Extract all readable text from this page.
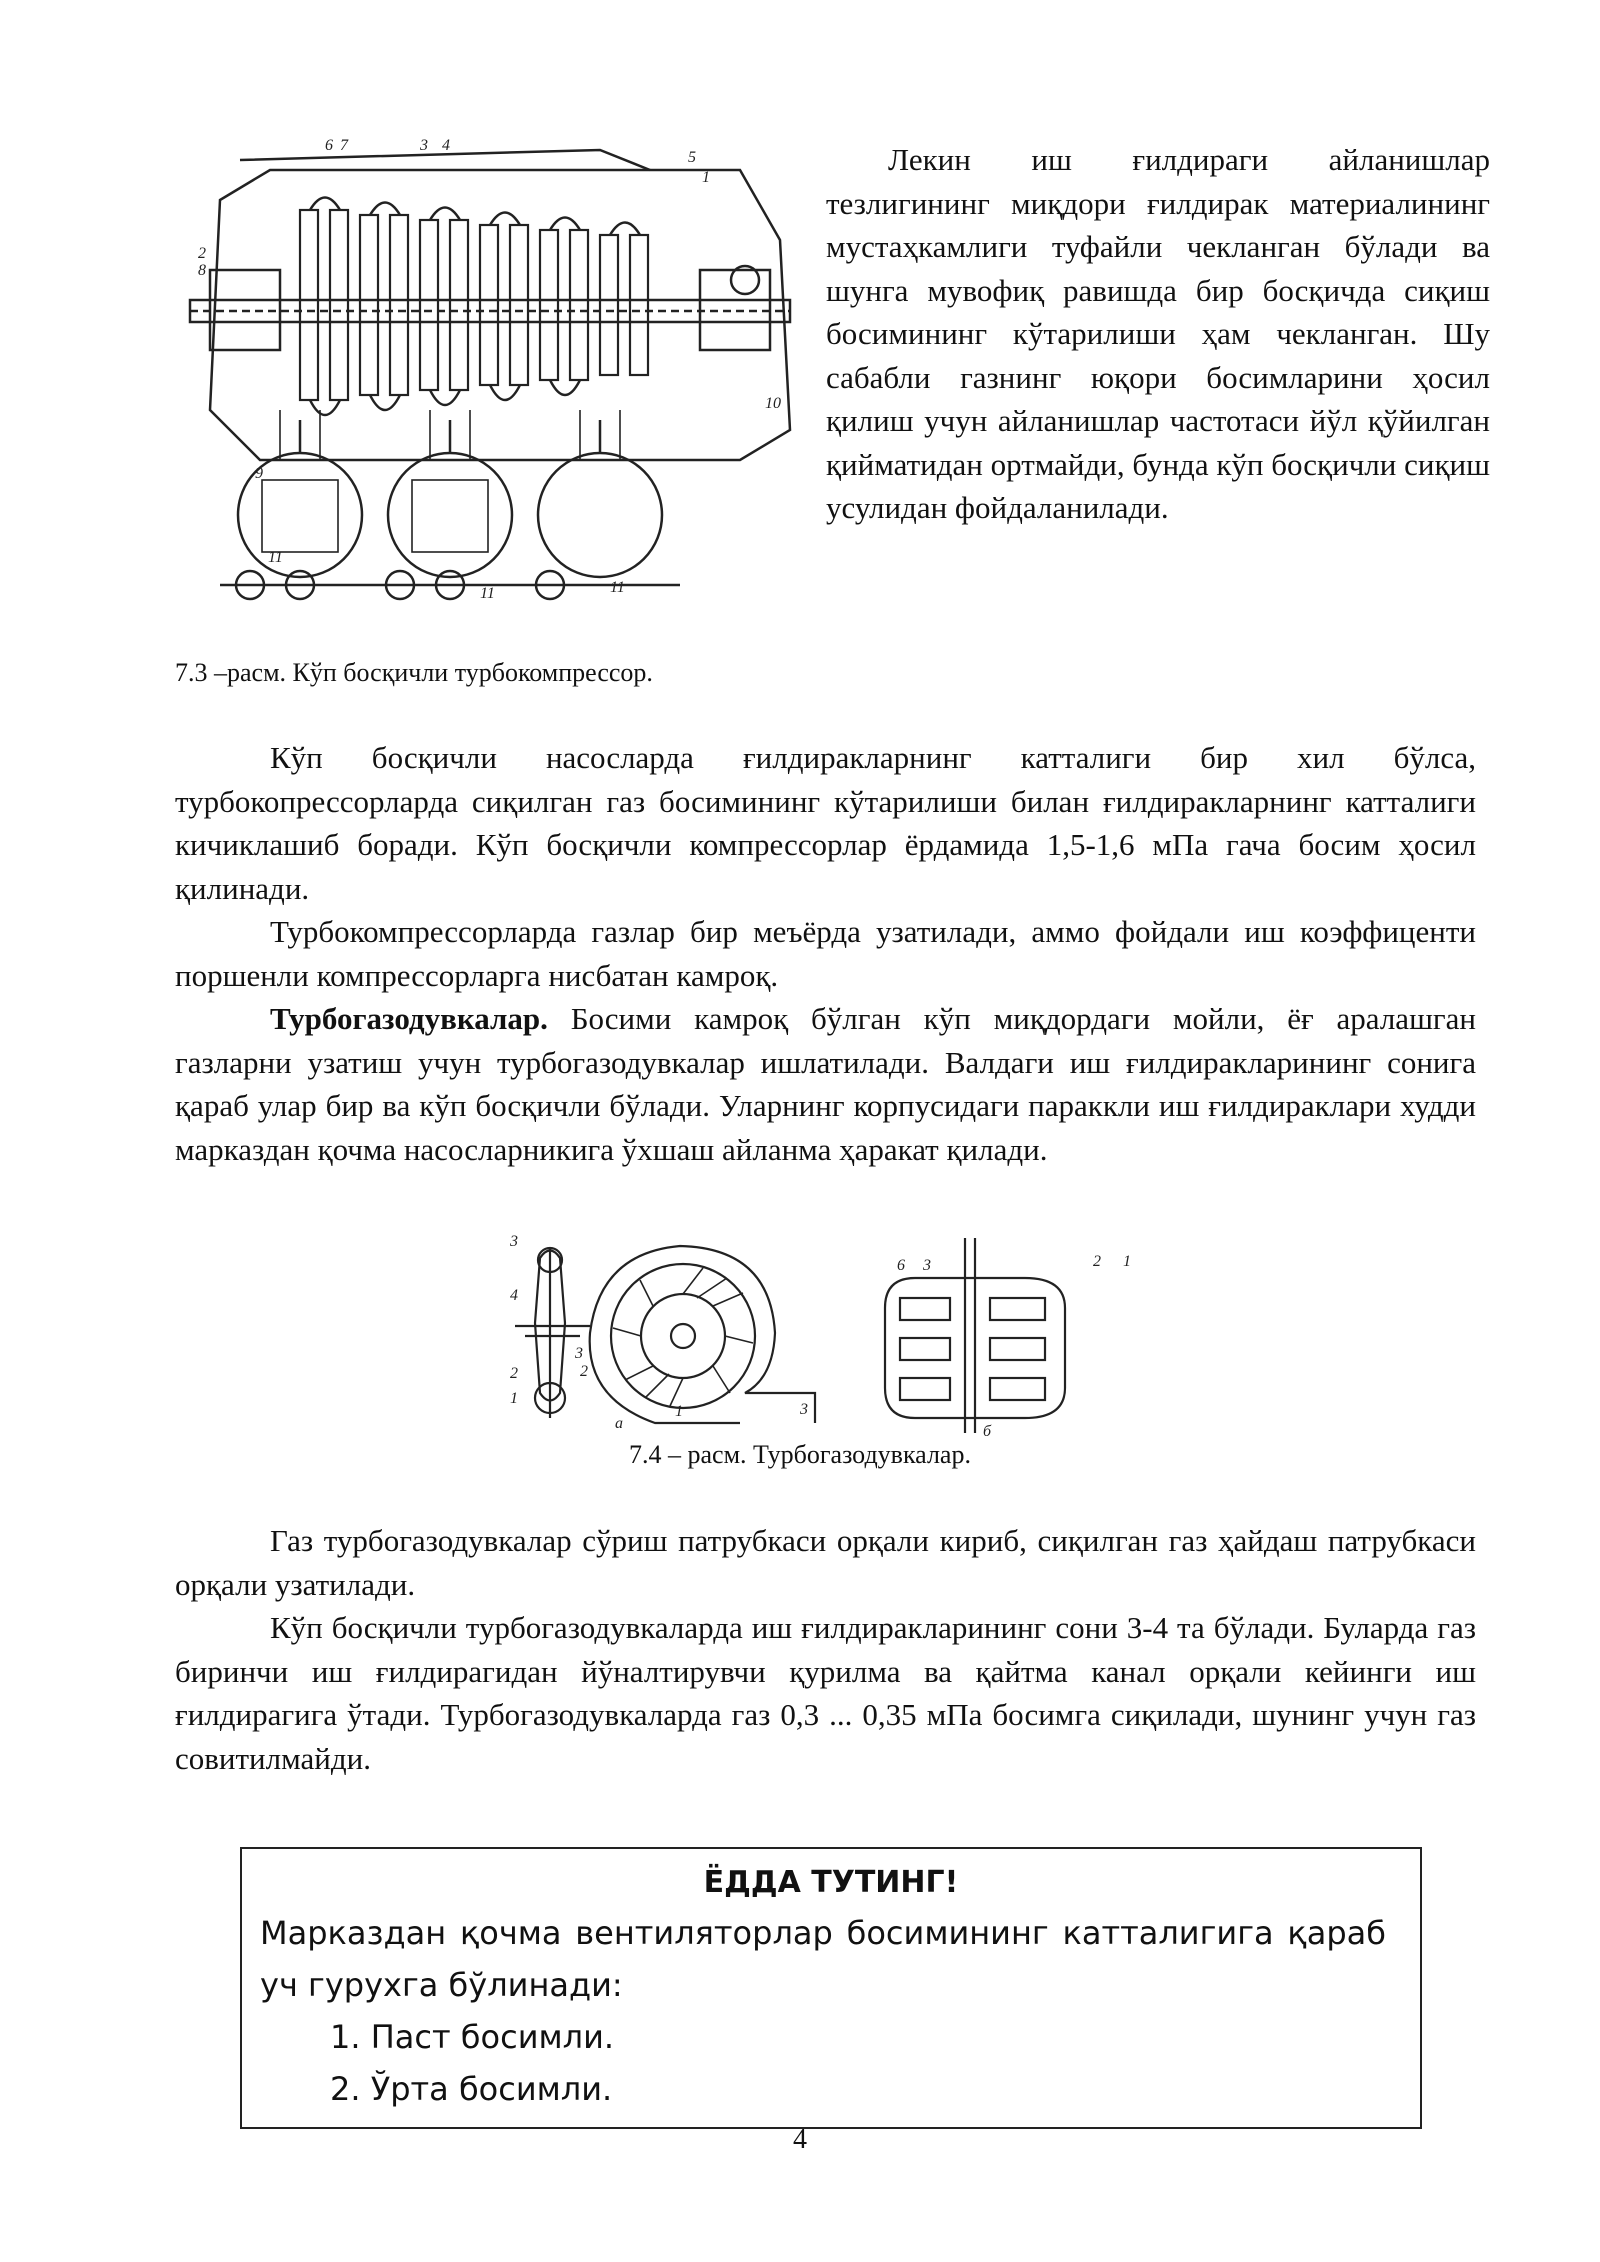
6 7	3 4
5
1
2
8
9
10
11
11	11
7.3 –расм. Кўп босқичли турбокомпрессор.
Лекин иш ғилдираги айланишлар тезлигининг миқдори ғилдирак материалининг мустаҳкамлиги туфайли чекланган бўлади ва шунга мувофиқ равишда бир босқичда сиқиш босимининг кўтарилиши ҳам чекланган. Шу сабабли газнинг юқори босимларини ҳосил қилиш учун айланишлар частотаси йўл қўйилган қийматидан ортмайди, бунда кўп босқичли сиқиш усулидан фойдаланилади.

Кўп босқичли насосларда ғилдиракларнинг катталиги бир хил бўлса, турбокопрессорларда сиқилган газ босимининг кўтарилиши билан ғилдиракларнинг катталиги кичиклашиб боради. Кўп босқичли компрессорлар ёрдамида 1,5-1,6 мПа гача босим ҳосил қилинади.

Турбокомпрессорларда газлар бир меъёрда узатилади, аммо фойдали иш коэффиценти поршенли компрессорларга нисбатан камроқ.

Турбогазодувкалар. Босими камроқ бўлган кўп миқдордаги мойли, ёғ аралашган газларни узатиш учун турбогазодувкалар ишлатилади. Валдаги иш ғилдиракларининг сонига қараб улар бир ва кўп босқичли бўлади. Уларнинг корпусидаги параккли иш ғилдираклари худди марказдан қочма насосларникига ўхшаш айланма ҳаракат қилади.

3
4
2
1
3
2
1	3
а
6 3	2 1
б
7.4 – расм. Турбогазодувкалар.

Газ турбогазодувкалар сўриш патрубкаси орқали кириб, сиқилган газ ҳайдаш патрубкаси орқали узатилади.

Кўп босқичли турбогазодувкаларда иш ғилдиракларининг сони 3-4 та бўлади. Буларда газ биринчи иш ғилдирагидан йўналтирувчи қурилма ва қайтма канал орқали кейинги иш ғилдирагига ўтади. Турбогазодувкаларда газ 0,3 ... 0,35 мПа босимга сиқилади, шунинг учун газ совитилмайди.

ЁДДА ТУТИНГ!
Марказдан қочма вентиляторлар босимининг катталигига қараб уч гурухга бўлинади:
1. Паст босимли.
2. Ўрта босимли.
4
